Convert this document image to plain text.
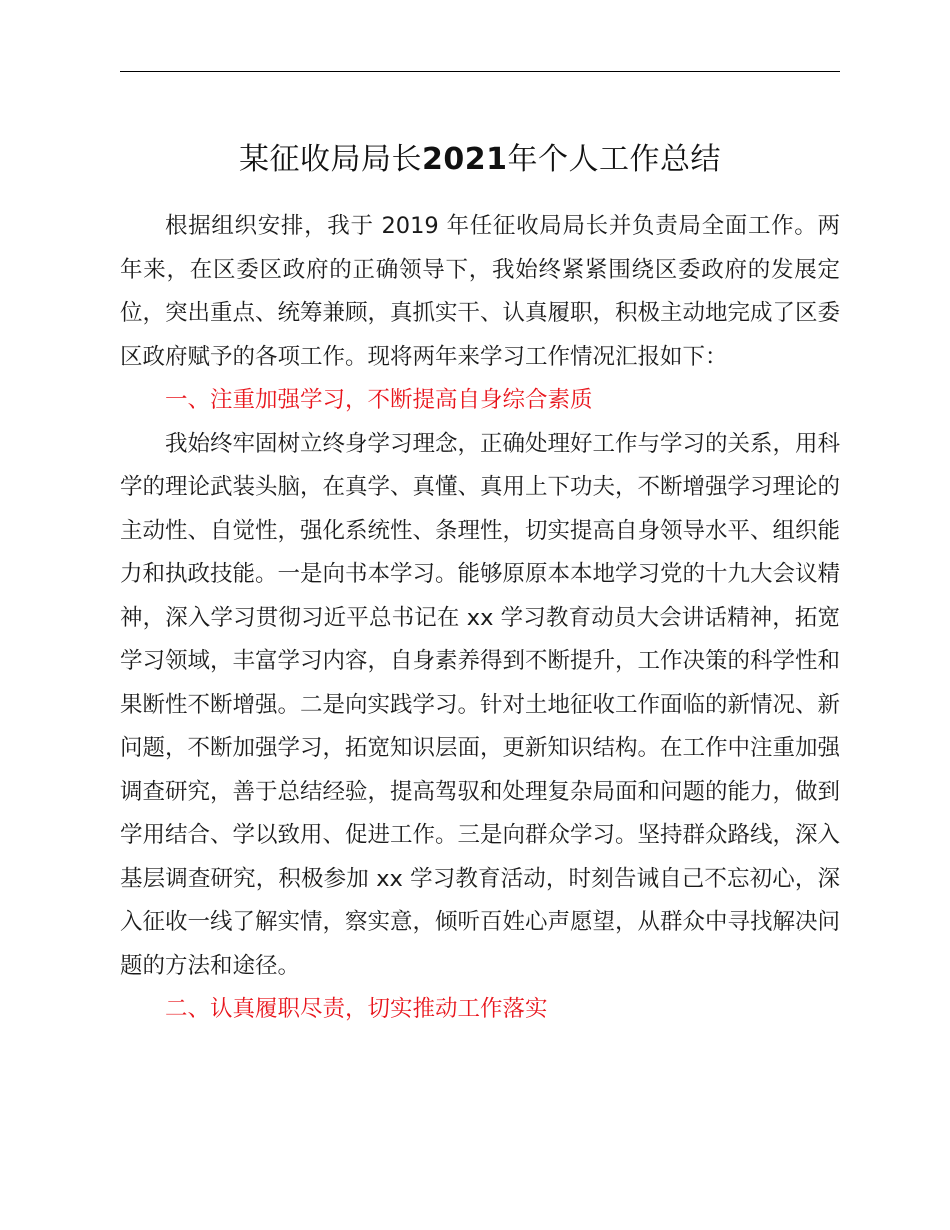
某征收局局长2021年个人工作总结

根据组织安排，我于 2019 年任征收局局长并负责局全面工作。两年来，在区委区政府的正确领导下，我始终紧紧围绕区委政府的发展定位，突出重点、统筹兼顾，真抓实干、认真履职，积极主动地完成了区委区政府赋予的各项工作。现将两年来学习工作情况汇报如下：

一、注重加强学习，不断提高自身综合素质

我始终牢固树立终身学习理念，正确处理好工作与学习的关系，用科学的理论武装头脑，在真学、真懂、真用上下功夫，不断增强学习理论的主动性、自觉性，强化系统性、条理性，切实提高自身领导水平、组织能力和执政技能。一是向书本学习。能够原原本本地学习党的十九大会议精神，深入学习贯彻习近平总书记在 xx 学习教育动员大会讲话精神，拓宽学习领域，丰富学习内容，自身素养得到不断提升，工作决策的科学性和果断性不断增强。二是向实践学习。针对土地征收工作面临的新情况、新问题，不断加强学习，拓宽知识层面，更新知识结构。在工作中注重加强调查研究，善于总结经验，提高驾驭和处理复杂局面和问题的能力，做到学用结合、学以致用、促进工作。三是向群众学习。坚持群众路线，深入基层调查研究，积极参加 xx 学习教育活动，时刻告诫自己不忘初心，深入征收一线了解实情，察实意，倾听百姓心声愿望，从群众中寻找解决问题的方法和途径。

二、认真履职尽责，切实推动工作落实
